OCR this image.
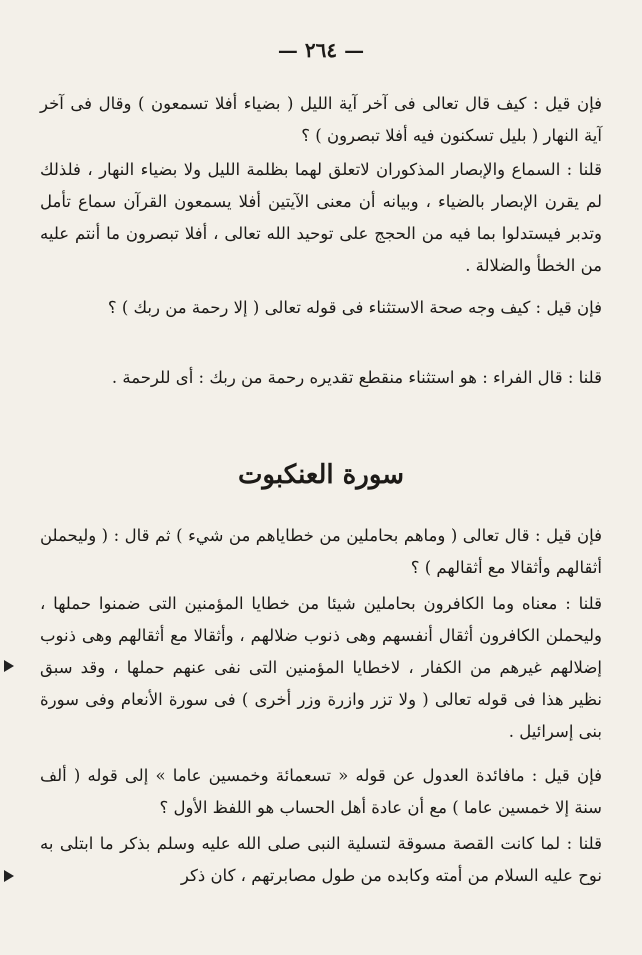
— ٢٦٤ —

فإن قيل : كيف قال تعالى فى آخر آية الليل ( بضياء أفلا تسمعون ) وقال فى آخر آية النهار ( بليل تسكنون فيه أفلا تبصرون ) ؟

قلنا : السماع والإبصار المذكوران لاتعلق لهما بظلمة الليل ولا بضياء النهار ، فلذلك لم يقرن الإبصار بالضياء ، وبيانه أن معنى الآيتين أفلا يسمعون القرآن سماع تأمل وتدبر فيستدلوا بما فيه من الحجج على توحيد الله تعالى ، أفلا تبصرون ما أنتم عليه من الخطأ والضلالة .

فإن قيل : كيف وجه صحة الاستثناء فى قوله تعالى ( إلا رحمة من ربك ) ؟

قلنا : قال الفراء : هو استثناء منقطع تقديره رحمة من ربك : أى للرحمة .

سورة العنكبوت

فإن قيل : قال تعالى ( وماهم بحاملين من خطاياهم من شيء ) ثم قال : ( وليحملن أثقالهم وأثقالا مع أثقالهم ) ؟

قلنا : معناه وما الكافرون بحاملين شيئا من خطايا المؤمنين التى ضمنوا حملها ، وليحملن الكافرون أثقال أنفسهم وهى ذنوب ضلالهم ، وأثقالا مع أثقالهم وهى ذنوب إضلالهم غيرهم من الكفار ، لاخطايا المؤمنين التى نفى عنهم حملها ، وقد سبق نظير هذا فى قوله تعالى ( ولا تزر وازرة وزر أخرى ) فى سورة الأنعام وفى سورة بنى إسرائيل .

فإن قيل : مافائدة العدول عن قوله « تسعمائة وخمسين عاما » إلى قوله ( ألف سنة إلا خمسين عاما ) مع أن عادة أهل الحساب هو اللفظ الأول ؟

قلنا : لما كانت القصة مسوقة لتسلية النبى صلى الله عليه وسلم بذكر ما ابتلى به نوح عليه السلام من أمته وكابده من طول مصابرتهم ، كان ذكر
